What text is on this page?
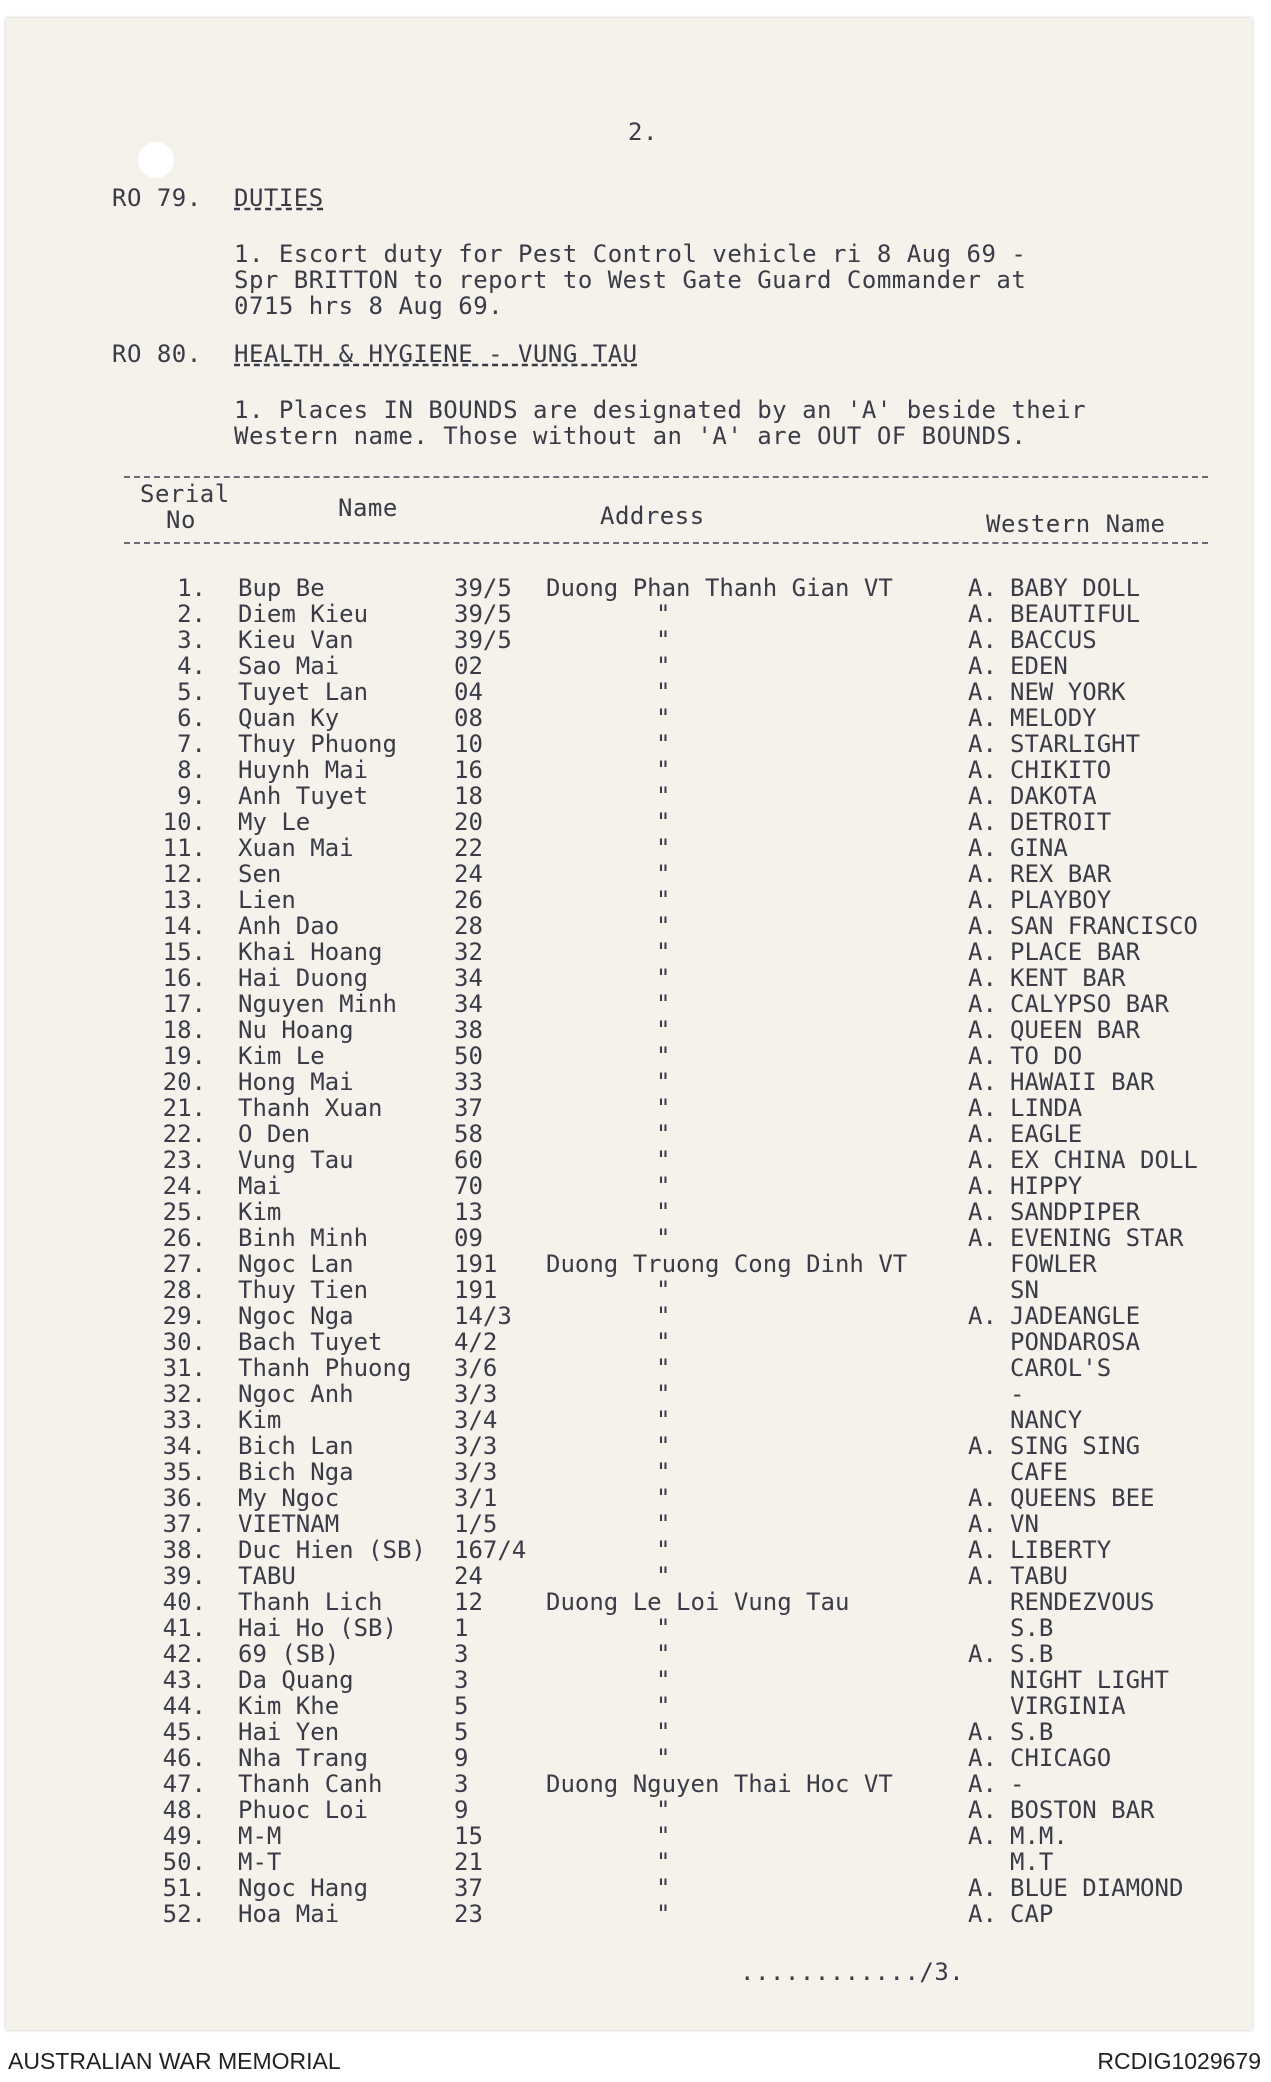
2.
RO 79. DUTIES
1. Escort duty for Pest Control vehicle ri 8 Aug 69 -
Spr BRITTON to report to West Gate Guard Commander at
0715 hrs 8 Aug 69.
RO 80. HEALTH & HYGIENE - VUNG TAU
1. Places IN BOUNDS are designated by an 'A' beside their
Western name. Those without an 'A' are OUT OF BOUNDS.
Serial
No	Name	Address	Western Name
1. Bup Be	39/5 Duong Phan Thanh Gian VT	A. BABY DOLL
2. Diem Kieu	39/5	"	A. BEAUTIFUL
3. Kieu Van	39/5	"	A. BACCUS
4. Sao Mai	02	"	A. EDEN
5. Tuyet Lan	04	"	A. NEW YORK
6. Quan Ky	08	"	A. MELODY
7. Thuy Phuong 10	"	A. STARLIGHT
8. Huynh Mai	16	"	A. CHIKITO
9. Anh Tuyet	18	"	A. DAKOTA
10. My Le	20	"	A. DETROIT
11. Xuan Mai	22	"	A. GINA
12. Sen	24	"	A. REX BAR
13. Lien	26	"	A. PLAYBOY
14. Anh Dao	28	"	A. SAN FRANCISCO
15. Khai Hoang	32	"	A. PLACE BAR
16. Hai Duong	34	"	A. KENT BAR
17. Nguyen Minh 34	"	A. CALYPSO BAR
18. Nu Hoang	38	"	A. QUEEN BAR
19. Kim Le	50	"	A. TO DO
20. Hong Mai	33	"	A. HAWAII BAR
21. Thanh Xuan	37	"	A. LINDA
22. O Den	58	"	A. EAGLE
23. Vung Tau	60	"	A. EX CHINA DOLL
24. Mai	70	"	A. HIPPY
25. Kim	13	"	A. SANDPIPER
26. Binh Minh	09	"	A. EVENING STAR
27. Ngoc Lan	191 Duong Truong Cong Dinh VT	FOWLER
28. Thuy Tien	191	"	SN
29. Ngoc Nga	14/3	"	A. JADEANGLE
30. Bach Tuyet	4/2	"	PONDAROSA
31. Thanh Phuong 3/6	"	CAROL'S
32. Ngoc Anh	3/3	"	-
33. Kim	3/4	"	NANCY
34. Bich Lan	3/3	"	A. SING SING
35. Bich Nga	3/3	"	CAFE
36. My Ngoc	3/1	"	A. QUEENS BEE
37. VIETNAM	1/5	"	A. VN
38. Duc Hien (SB) 167/4	"	A. LIBERTY
39. TABU	24	"	A. TABU
40. Thanh Lich	12	Duong Le Loi Vung Tau	RENDEZVOUS
41. Hai Ho (SB) 1	"	S.B
42. 69 (SB)	3	"	A. S.B
43. Da Quang	3	"	NIGHT LIGHT
44. Kim Khe	5	"	VIRGINIA
45. Hai Yen	5	"	A. S.B
46. Nha Trang	9	"	A. CHICAGO
47. Thanh Canh	3	Duong Nguyen Thai Hoc VT	A. -
48. Phuoc Loi	9	"	A. BOSTON BAR
49. M-M	15	"	A. M.M.
50. M-T	21	"	M.T
51. Ngoc Hang	37	"	A. BLUE DIAMOND
52. Hoa Mai	23	"	A. CAP
............/3.
AUSTRALIAN WAR MEMORIAL	RCDIG1029679
